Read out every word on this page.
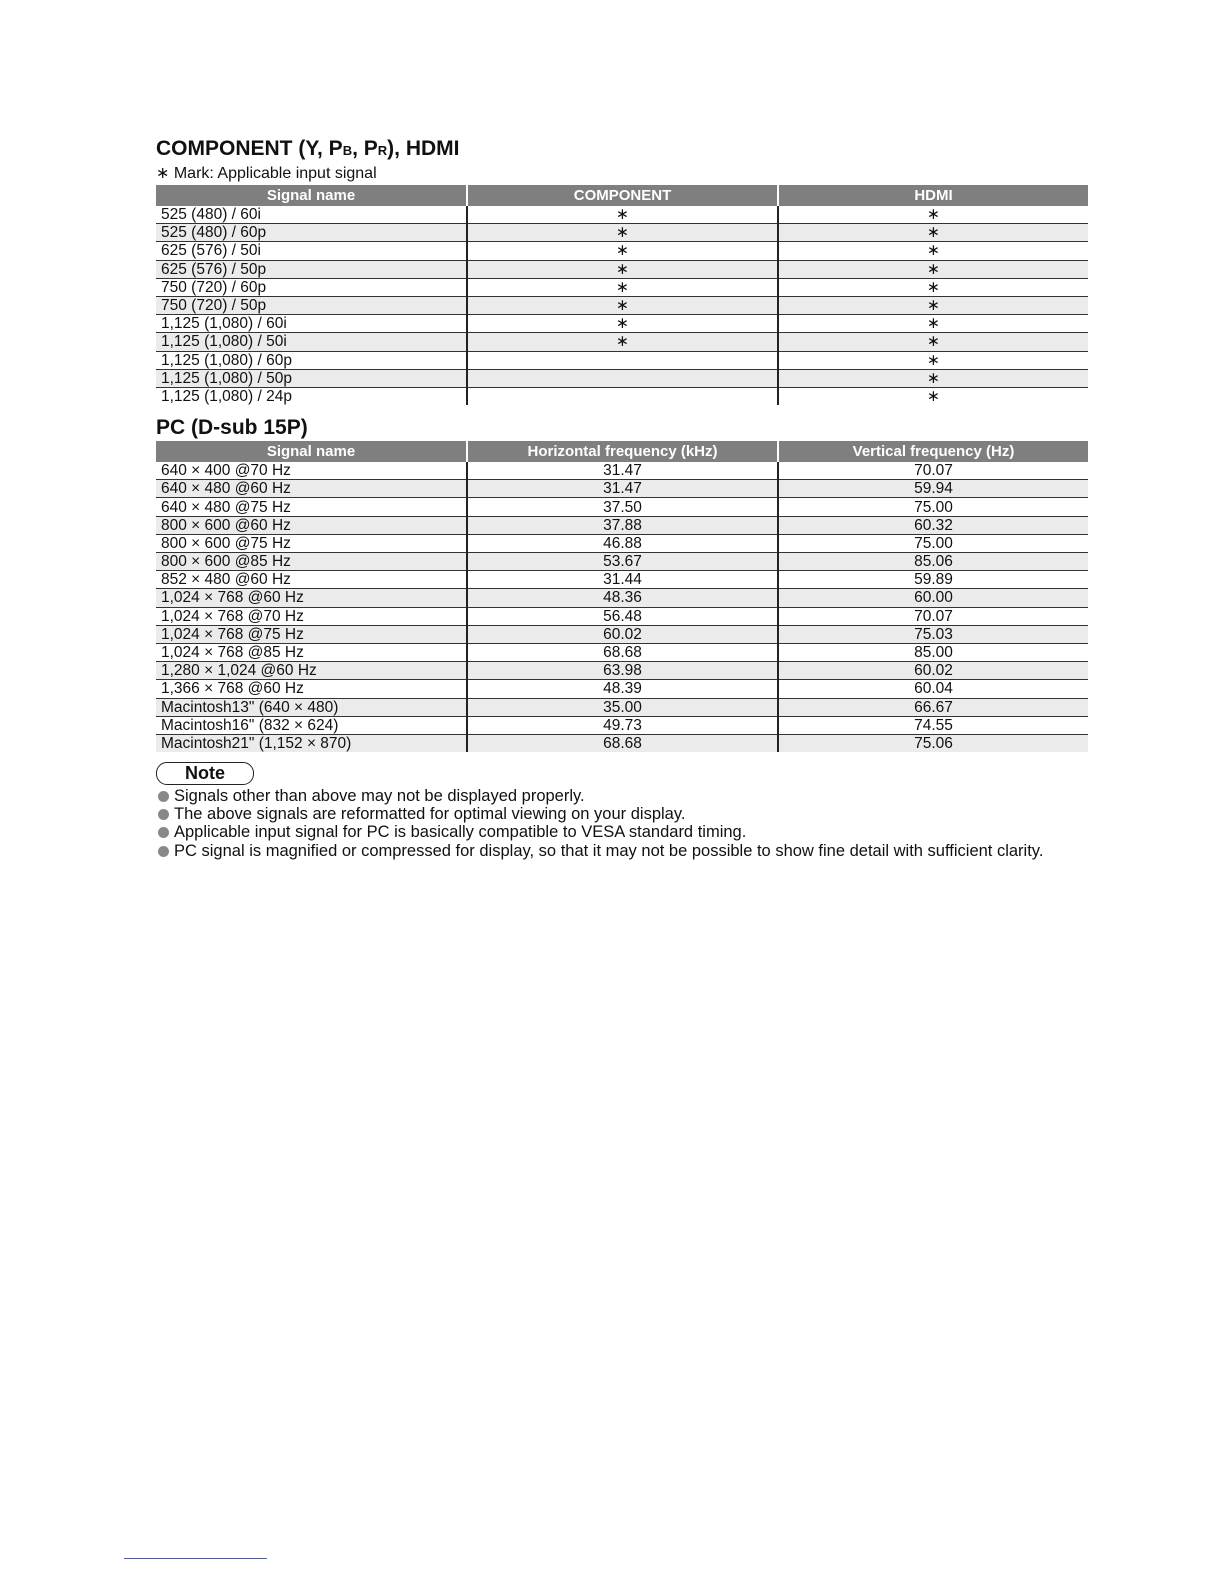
COMPONENT (Y, PB, PR), HDMI

∗ Mark: Applicable input signal

Signal name	COMPONENT	HDMI
525 (480) / 60i	∗	∗
525 (480) / 60p	∗	∗
625 (576) / 50i	∗	∗
625 (576) / 50p	∗	∗
750 (720) / 60p	∗	∗
750 (720) / 50p	∗	∗
1,125 (1,080) / 60i	∗	∗
1,125 (1,080) / 50i	∗	∗
1,125 (1,080) / 60p		∗
1,125 (1,080) / 50p		∗
1,125 (1,080) / 24p		∗
PC (D-sub 15P)
Signal name	Horizontal frequency (kHz)	Vertical frequency (Hz)
640 × 400 @70 Hz	31.47	70.07
640 × 480 @60 Hz	31.47	59.94
640 × 480 @75 Hz	37.50	75.00
800 × 600 @60 Hz	37.88	60.32
800 × 600 @75 Hz	46.88	75.00
800 × 600 @85 Hz	53.67	85.06
852 × 480 @60 Hz	31.44	59.89
1,024 × 768 @60 Hz	48.36	60.00
1,024 × 768 @70 Hz	56.48	70.07
1,024 × 768 @75 Hz	60.02	75.03
1,024 × 768 @85 Hz	68.68	85.00
1,280 × 1,024 @60 Hz	63.98	60.02
1,366 × 768 @60 Hz	48.39	60.04
Macintosh13" (640 × 480)	35.00	66.67
Macintosh16" (832 × 624)	49.73	74.55
Macintosh21" (1,152 × 870)	68.68	75.06
Note
Signals other than above may not be displayed properly.
The above signals are reformatted for optimal viewing on your display.
Applicable input signal for PC is basically compatible to VESA standard timing.
PC signal is magnified or compressed for display, so that it may not be possible to show fine detail with sufficient clarity.
